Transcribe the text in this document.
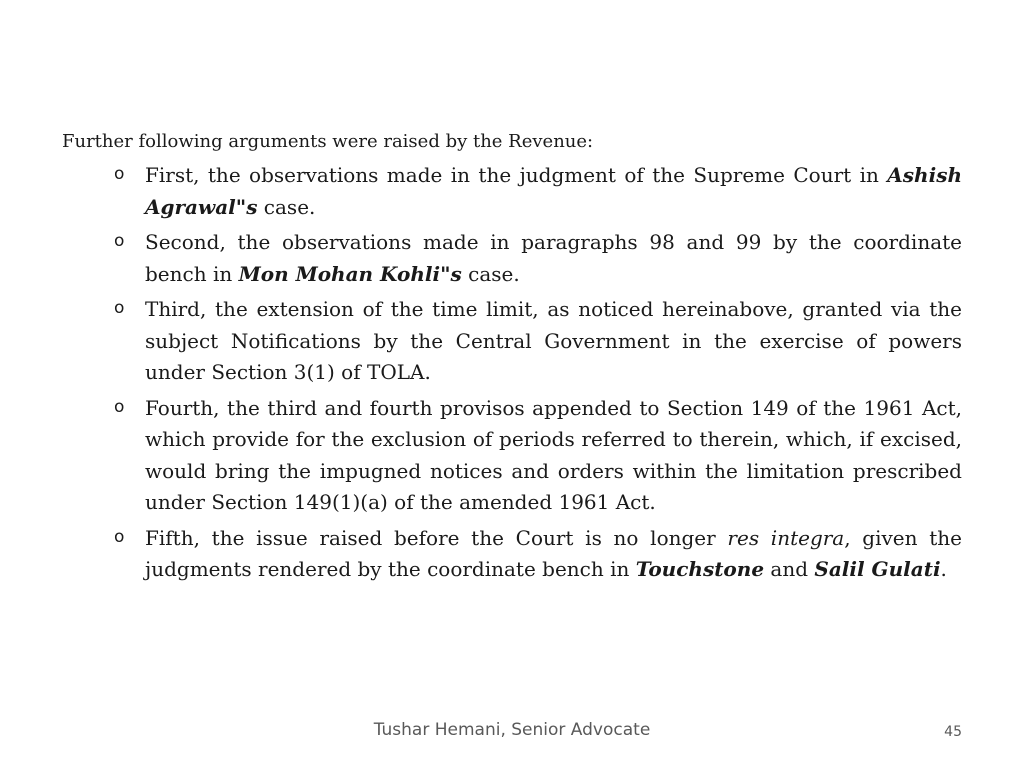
Further following arguments were raised by the Revenue:

o First, the observations made in the judgment of the Supreme Court in Ashish Agrawal"s case.
o Second, the observations made in paragraphs 98 and 99 by the coordinate bench in Mon Mohan Kohli"s case.
o Third, the extension of the time limit, as noticed hereinabove, granted via the subject Notifications by the Central Government in the exercise of powers under Section 3(1) of TOLA.
o Fourth, the third and fourth provisos appended to Section 149 of the 1961 Act, which provide for the exclusion of periods referred to therein, which, if excised, would bring the impugned notices and orders within the limitation prescribed under Section 149(1)(a) of the amended 1961 Act.
o Fifth, the issue raised before the Court is no longer res integra, given the judgments rendered by the coordinate bench in Touchstone and Salil Gulati.
Tushar Hemani, Senior Advocate	45
